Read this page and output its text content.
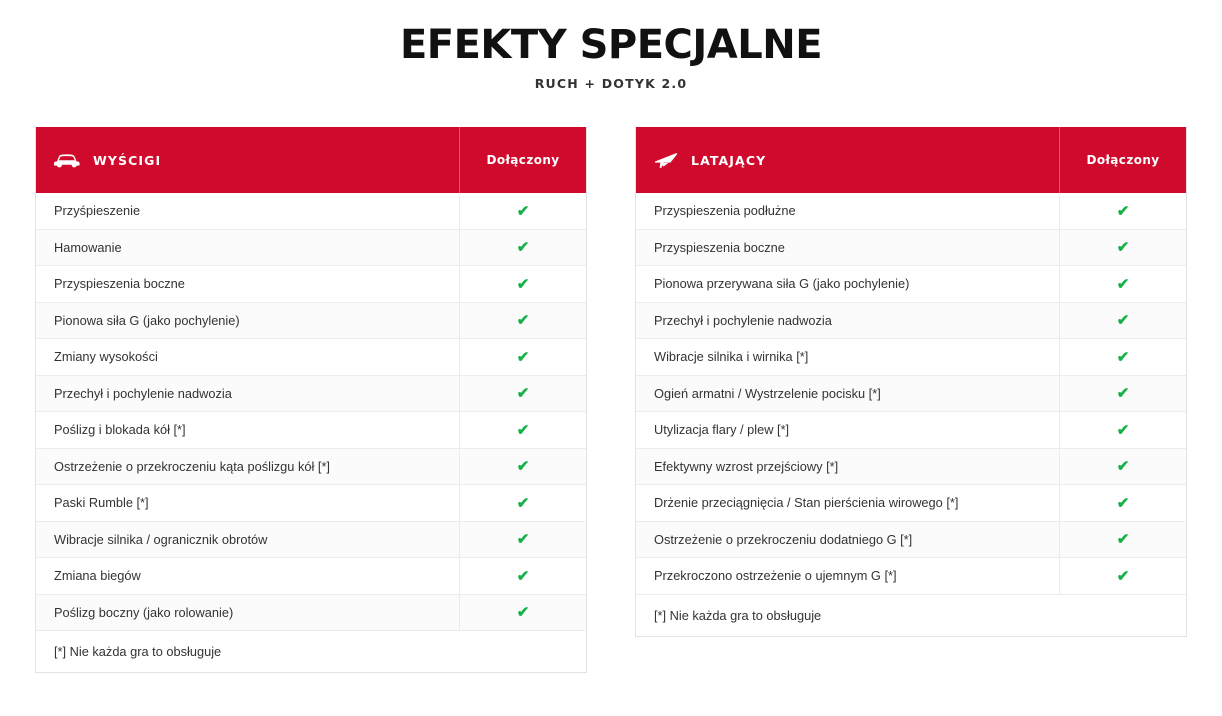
EFEKTY SPECJALNE
RUCH + DOTYK 2.0
WYŚCIGI	Dołączony
Przyśpieszenie	✔
Hamowanie	✔
Przyspieszenia boczne	✔
Pionowa siła G (jako pochylenie)	✔
Zmiany wysokości	✔
Przechył i pochylenie nadwozia	✔
Poślizg i blokada kół [*]	✔
Ostrzeżenie o przekroczeniu kąta poślizgu kół [*]	✔
Paski Rumble [*]	✔
Wibracje silnika / ogranicznik obrotów	✔
Zmiana biegów	✔
Poślizg boczny (jako rolowanie)	✔
[*] Nie każda gra to obsługuje
LATAJĄCY	Dołączony
Przyspieszenia podłużne	✔
Przyspieszenia boczne	✔
Pionowa przerywana siła G (jako pochylenie)	✔
Przechył i pochylenie nadwozia	✔
Wibracje silnika i wirnika [*]	✔
Ogień armatni / Wystrzelenie pocisku [*]	✔
Utylizacja flary / plew [*]	✔
Efektywny wzrost przejściowy [*]	✔
Drżenie przeciągnięcia / Stan pierścienia wirowego [*]	✔
Ostrzeżenie o przekroczeniu dodatniego G [*]	✔
Przekroczono ostrzeżenie o ujemnym G [*]	✔
[*] Nie każda gra to obsługuje
